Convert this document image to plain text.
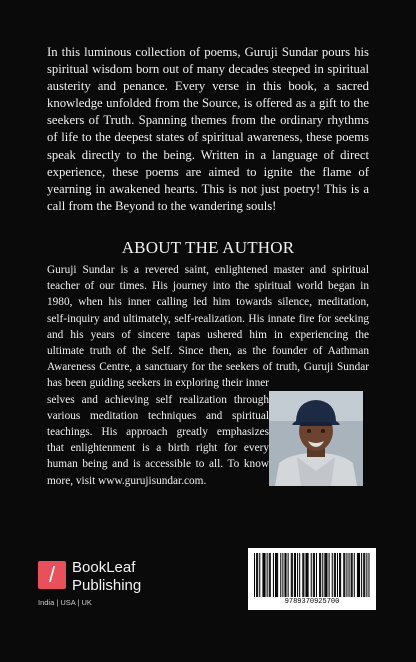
In this luminous collection of poems, Guruji Sundar pours his spiritual wisdom born out of many decades steeped in spiritual austerity and penance. Every verse in this book, a sacred knowledge unfolded from the Source, is offered as a gift to the seekers of Truth. Spanning themes from the ordinary rhythms of life to the deepest states of spiritual awareness, these poems speak directly to the being. Written in a language of direct experience, these poems are aimed to ignite the flame of yearning in awakened hearts. This is not just poetry! This is a call from the Beyond to the wandering souls!

ABOUT THE AUTHOR
Guruji Sundar is a revered saint, enlightened master and spiritual
teacher of our times. His journey into the spiritual world began in
1980, when his inner calling led him towards silence, meditation,
self-inquiry and ultimately, self-realization. His innate fire for seeking
and his years of sincere tapas ushered him in experiencing the
ultimate truth of the Self. Since then, as the founder of Aathman
Awareness Centre, a sanctuary for the seekers of truth, Guruji Sundar
has been guiding seekers in exploring their inner
selves and achieving self realization through
various meditation techniques and spiritual
teachings. His approach greatly emphasizes
that enlightenment is a birth right for every
human being and is accessible to all. To know
more, visit www.gurujisundar.com.
/	BookLeaf
Publishing
India | USA | UK	9789370925700
